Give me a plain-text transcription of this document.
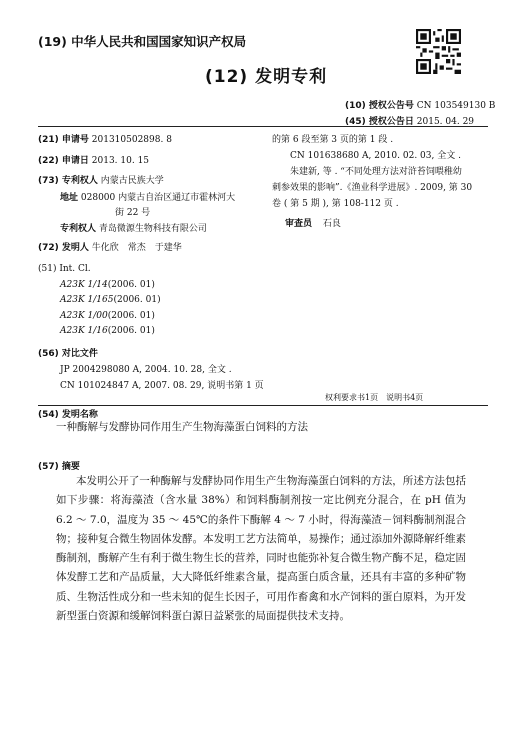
(19) 中华人民共和国国家知识产权局
(12) 发明专利
(10) 授权公告号 CN 103549130 B
(45) 授权公告日 2015. 04. 29
(21) 申请号 201310502898. 8
(22) 申请日 2013. 10. 15
(73) 专利权人 内蒙古民族大学
地址 028000 内蒙古自治区通辽市霍林河大
街 22 号
专利权人 青岛微源生物科技有限公司
(72) 发明人 牛化欣　常杰　于建华
(51) Int. Cl.
A23K 1/14(2006. 01)
A23K 1/165(2006. 01)
A23K 1/00(2006. 01)
A23K 1/16(2006. 01)
(56) 对比文件
JP 2004298080 A, 2004. 10. 28, 全文 .
CN 101024847 A, 2007. 08. 29, 说明书第 1 页
的第 6 段至第 3 页的第 1 段 .
CN 101638680 A, 2010. 02. 03, 全文 .
朱建新, 等 . “不同处理方法对浒苔饲喂稚幼
刺参效果的影响”.《渔业科学进展》. 2009, 第 30
卷 ( 第 5 期 ), 第 108-112 页 .
审查员 石良
权利要求书1页　说明书4页
(54) 发明名称
一种酶解与发酵协同作用生产生物海藻蛋白饲料的方法
(57) 摘要
本发明公开了一种酶解与发酵协同作用生产生物海藻蛋白饲料的方法，所述方法包括如下步骤：将海藻渣（含水量 38%）和饲料酶制剂按一定比例充分混合，在 pH 值为 6.2 ～ 7.0，温度为 35 ～ 45℃的条件下酶解 4 ～ 7 小时，得海藻渣－饲料酶制剂混合物；接种复合微生物固体发酵。本发明工艺方法简单，易操作；通过添加外源降解纤维素酶制剂，酶解产生有利于微生物生长的营养，同时也能弥补复合微生物产酶不足，稳定固体发酵工艺和产品质量，大大降低纤维素含量，提高蛋白质含量，还具有丰富的多种矿物质、生物活性成分和一些未知的促生长因子，可用作畜禽和水产饲料的蛋白原料，为开发新型蛋白资源和缓解饲料蛋白源日益紧张的局面提供技术支持。
